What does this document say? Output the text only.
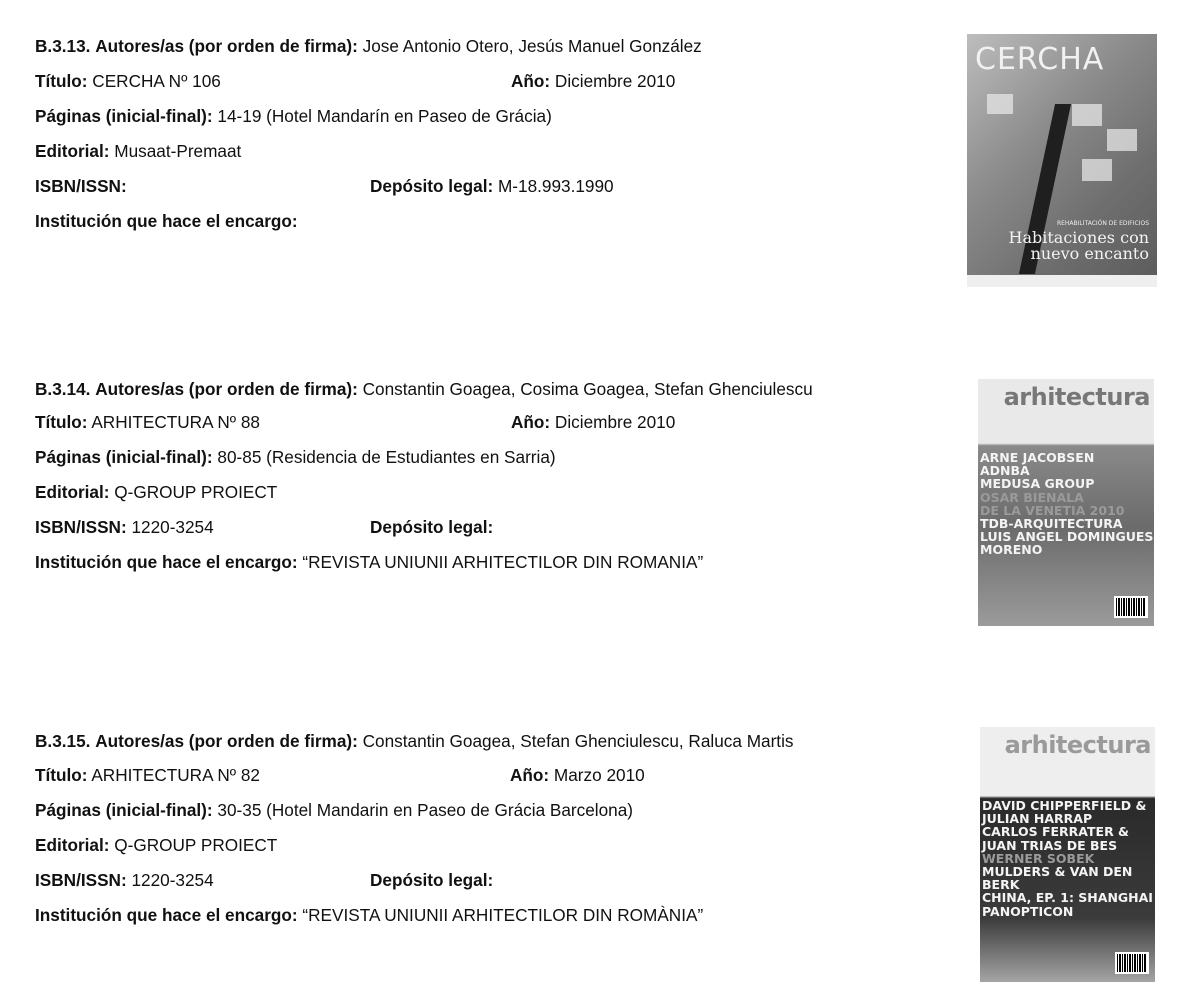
B.3.13. Autores/as (por orden de firma): Jose Antonio Otero, Jesús Manuel González
Título: CERCHA Nº 106	Año: Diciembre 2010
Páginas (inicial-final): 14-19 (Hotel Mandarín en Paseo de Grácia)
Editorial: Musaat-Premaat
ISBN/ISSN:	Depósito legal: M-18.993.1990
Institución que hace el encargo:
CERCHA
REHABILITACIÓN DE EDIFICIOS
Habitaciones con
nuevo encanto
B.3.14. Autores/as (por orden de firma): Constantin Goagea, Cosima Goagea, Stefan Ghenciulescu
Título: ARHITECTURA Nº 88	Año: Diciembre 2010
Páginas (inicial-final): 80-85 (Residencia de Estudiantes en Sarria)
Editorial: Q-GROUP PROIECT
ISBN/ISSN: 1220-3254	Depósito legal:
Institución que hace el encargo: “REVISTA UNIUNII ARHITECTILOR DIN ROMANIA”
arhitectura
ARNE JACOBSEN
ADNBA
MEDUSA GROUP
OSAR BIENALA
DE LA VENETIA 2010
TDB-ARQUITECTURA
LUIS ANGEL DOMINGUES
MORENO
B.3.15. Autores/as (por orden de firma): Constantin Goagea, Stefan Ghenciulescu, Raluca Martis
Título: ARHITECTURA Nº 82	Año: Marzo 2010
Páginas (inicial-final): 30-35 (Hotel Mandarin en Paseo de Grácia Barcelona)
Editorial: Q-GROUP PROIECT
ISBN/ISSN: 1220-3254	Depósito legal:
Institución que hace el encargo: “REVISTA UNIUNII ARHITECTILOR DIN ROMÀNIA”
arhitectura
DAVID CHIPPERFIELD &
JULIAN HARRAP
CARLOS FERRATER &
JUAN TRIAS DE BES
WERNER SOBEK
MULDERS & VAN DEN BERK
CHINA, EP. 1: SHANGHAI
PANOPTICON
